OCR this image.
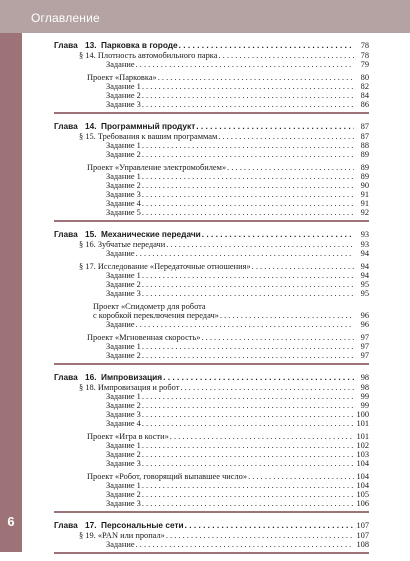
Оглавление
6
Глава 13. Парковка в городе . . .	78
§ 14. Плотность автомобильного парка . . .	78
Задание . . .	79
Проект «Парковка» . . .	80
Задание 1 . . .	82
Задание 2 . . .	84
Задание 3 . . .	86
Глава 14. Программный продукт . . .	87
§ 15. Требования к вашим программам . . .	87
Задание 1 . . .	88
Задание 2 . . .	89
Проект «Управление электромобилем» . . .	89
Задание 1 . . .	89
Задание 2 . . .	90
Задание 3 . . .	91
Задание 4 . . .	91
Задание 5 . . .	92
Глава 15. Механические передачи . . .	93
§ 16. Зубчатые передачи . . .	93
Задание . . .	94
§ 17. Исследование «Передаточные отношения» . . .	94
Задание 1 . . .	94
Задание 2 . . .	95
Задание 3 . . .	95
Проект «Спидометр для робота
с коробкой переключения передач» . . .	96
Задание . . .	96
Проект «Мгновенная скорость» . . .	97
Задание 1 . . .	97
Задание 2 . . .	97
Глава 16. Импровизация . . .	98
§ 18. Импровизация и робот . . .	98
Задание 1 . . .	99
Задание 2 . . .	99
Задание 3 . . .	100
Задание 4 . . .	101
Проект «Игра в кости» . . .	101
Задание 1 . . .	102
Задание 2 . . .	103
Задание 3 . . .	104
Проект «Робот, говорящий выпавшее число» . . .	104
Задание 1 . . .	104
Задание 2 . . .	105
Задание 3 . . .	106
Глава 17. Персональные сети . . .	107
§ 19. «PAN или пропал» . . .	107
Задание . . .	108
